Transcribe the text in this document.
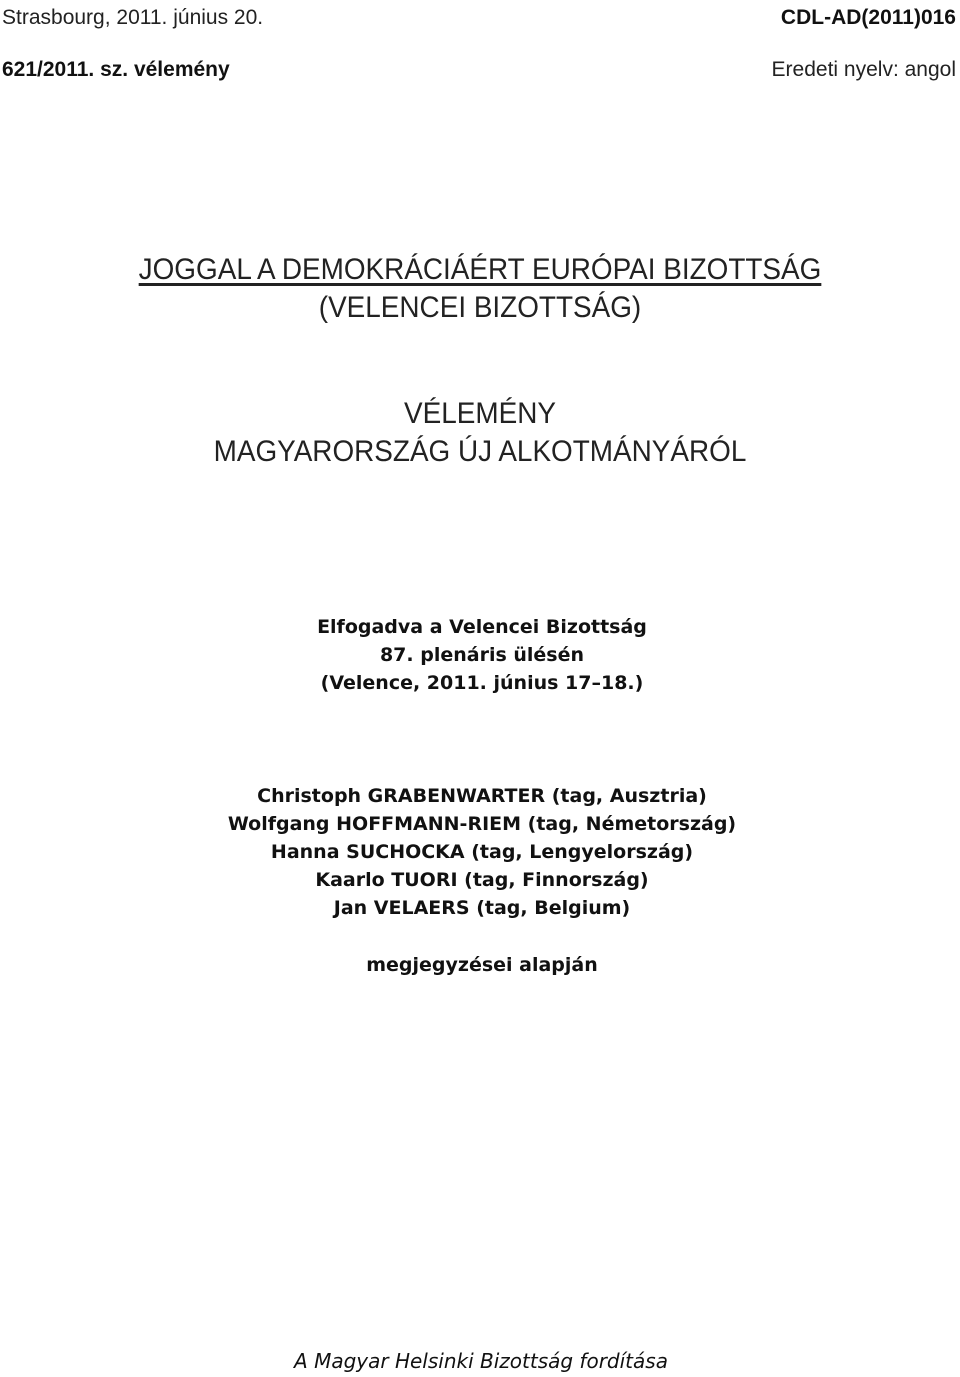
Strasbourg, 2011. június 20.	CDL-AD(2011)016
621/2011. sz. vélemény	Eredeti nyelv: angol
JOGGAL A DEMOKRÁCIÁÉRT EURÓPAI BIZOTTSÁG
(VELENCEI BIZOTTSÁG)
VÉLEMÉNY
MAGYARORSZÁG ÚJ ALKOTMÁNYÁRÓL
Elfogadva a Velencei Bizottság
87. plenáris ülésén
(Velence, 2011. június 17–18.)
Christoph GRABENWARTER (tag, Ausztria)
Wolfgang HOFFMANN-RIEM (tag, Németország)
Hanna SUCHOCKA (tag, Lengyelország)
Kaarlo TUORI (tag, Finnország)
Jan VELAERS (tag, Belgium)
megjegyzései alapján
A Magyar Helsinki Bizottság fordítása
